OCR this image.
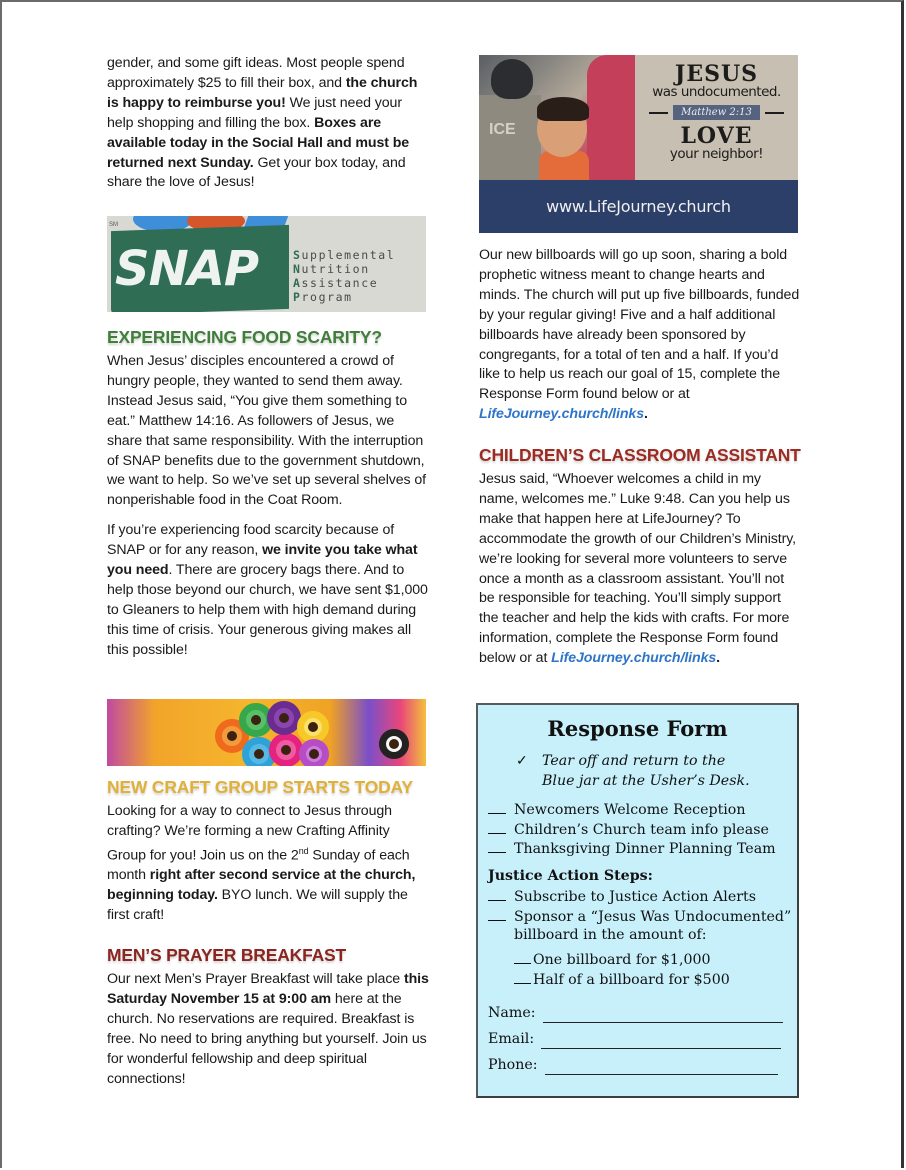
gender, and some gift ideas. Most people spend approximately $25 to fill their box, and the church is happy to reimburse you! We just need your help shopping and filling the box. Boxes are available today in the Social Hall and must be returned next Sunday. Get your box today, and share the love of Jesus!

SM
SNAP	Supplemental
Nutrition
Assistance
Program
EXPERIENCING FOOD SCARITY?

When Jesus’ disciples encountered a crowd of hungry people, they wanted to send them away. Instead Jesus said, “You give them something to eat.” Matthew 14:16. As followers of Jesus, we share that same responsibility. With the interruption of SNAP benefits due to the government shutdown, we want to help. So we’ve set up several shelves of nonperishable food in the Coat Room.

If you’re experiencing food scarcity because of SNAP or for any reason, we invite you take what you need. There are grocery bags there. And to help those beyond our church, we have sent $1,000 to Gleaners to help them with high demand during this time of crisis. Your generous giving makes all this possible!

NEW CRAFT GROUP STARTS TODAY

Looking for a way to connect to Jesus through crafting? We’re forming a new Crafting Affinity Group for you! Join us on the 2nd Sunday of each month right after second service at the church, beginning today. BYO lunch. We will supply the first craft!

MEN’S PRAYER BREAKFAST

Our next Men’s Prayer Breakfast will take place this Saturday November 15 at 9:00 am here at the church. No reservations are required. Breakfast is free. No need to bring anything but yourself. Join us for wonderful fellowship and deep spiritual connections!

ICE
JESUS
was undocumented.
Matthew 2:13
LOVE
your neighbor!
www.LifeJourney.church

Our new billboards will go up soon, sharing a bold prophetic witness meant to change hearts and minds. The church will put up five billboards, funded by your regular giving! Five and a half additional billboards have already been sponsored by congregants, for a total of ten and a half. If you’d like to help us reach our goal of 15, complete the Response Form found below or at LifeJourney.church/links.

CHILDREN’S CLASSROOM ASSISTANT

Jesus said, “Whoever welcomes a child in my name, welcomes me.” Luke 9:48. Can you help us make that happen here at LifeJourney? To accommodate the growth of our Children’s Ministry, we’re looking for several more volunteers to serve once a month as a classroom assistant. You’ll not be responsible for teaching. You’ll simply support the teacher and help the kids with crafts. For more information, complete the Response Form found below or at LifeJourney.church/links.

Response Form
✓ Tear off and return to the
Blue jar at the Usher’s Desk.
Newcomers Welcome Reception
Children’s Church team info please
Thanksgiving Dinner Planning Team
Justice Action Steps:
Subscribe to Justice Action Alerts
Sponsor a “Jesus Was Undocumented”
billboard in the amount of:
One billboard for $1,000
Half of a billboard for $500
Name:
Email:
Phone:
